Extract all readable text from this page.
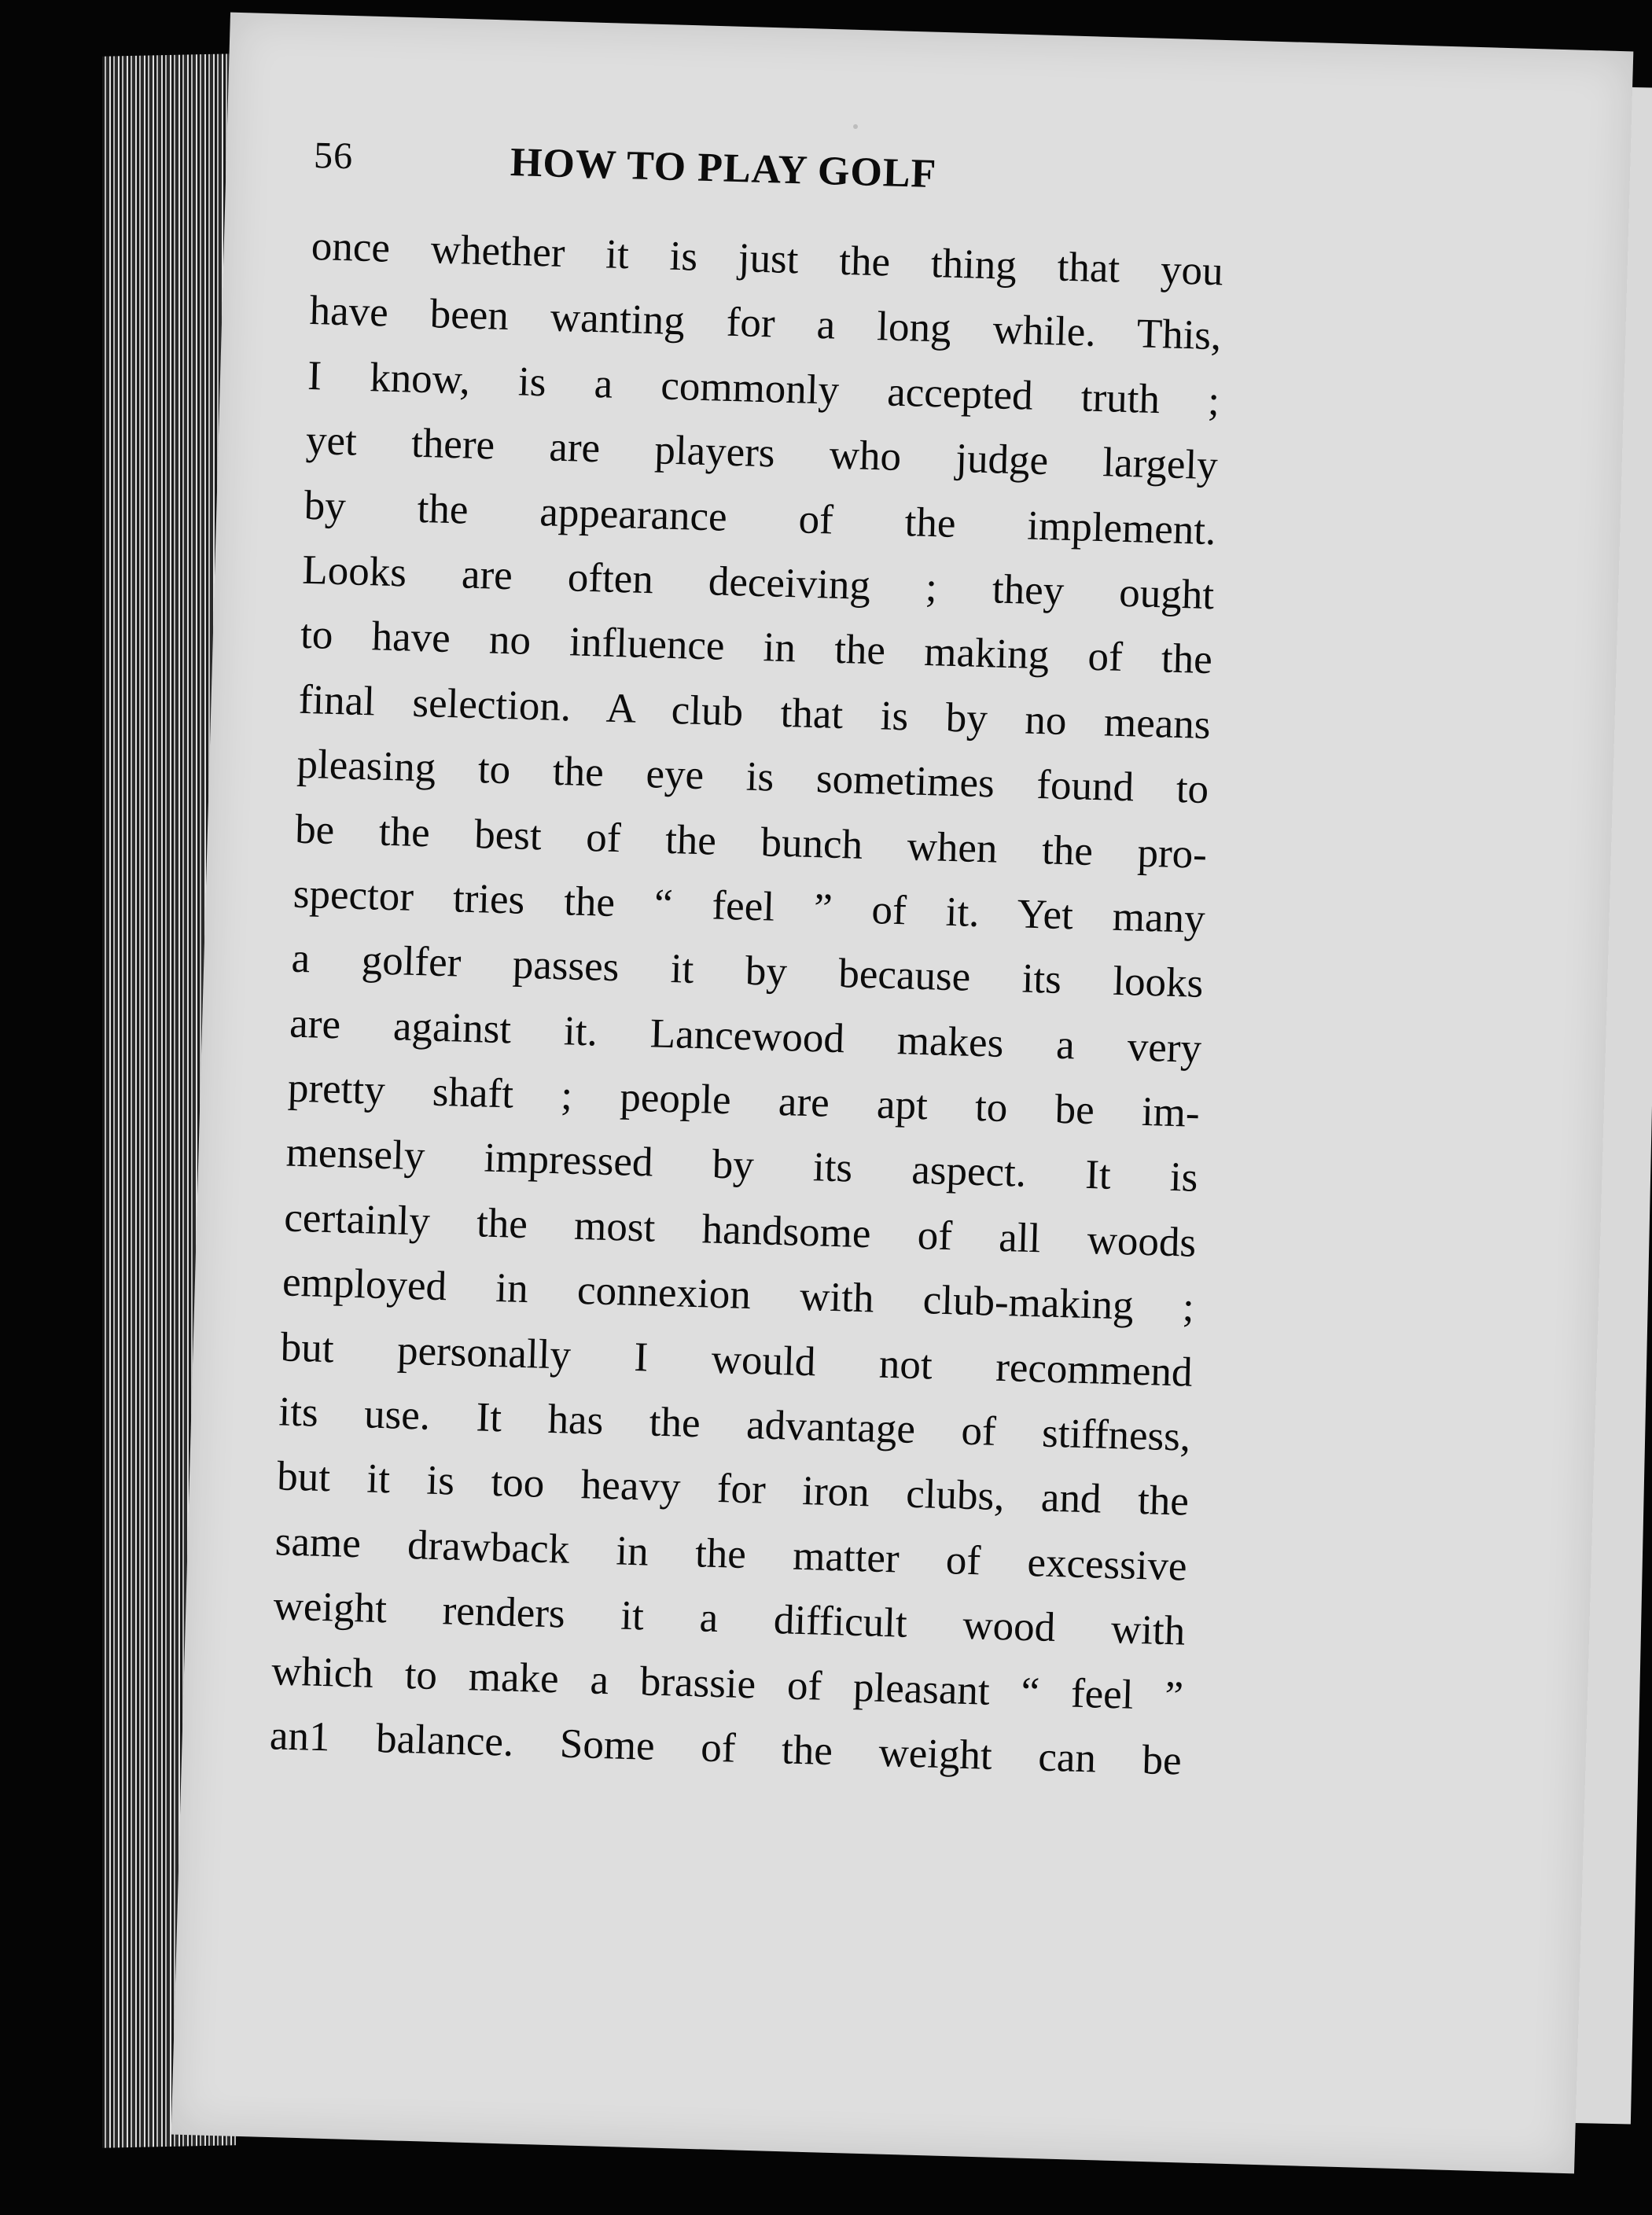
56	HOW TO PLAY GOLF
once whether it is just the thing that you
have been wanting for a long while. This,
I know, is a commonly accepted truth ;
yet there are players who judge largely
by the appearance of the implement.
Looks are often deceiving ; they ought
to have no influence in the making of the
final selection. A club that is by no means
pleasing to the eye is sometimes found to
be the best of the bunch when the pro-
spector tries the “ feel ” of it. Yet many
a golfer passes it by because its looks
are against it. Lancewood makes a very
pretty shaft ; people are apt to be im-
mensely impressed by its aspect. It is
certainly the most handsome of all woods
employed in connexion with club-making ;
but personally I would not recommend
its use. It has the advantage of stiffness,
but it is too heavy for iron clubs, and the
same drawback in the matter of excessive
weight renders it a difficult wood with
which to make a brassie of pleasant “ feel ”
an1 balance. Some of the weight can be
